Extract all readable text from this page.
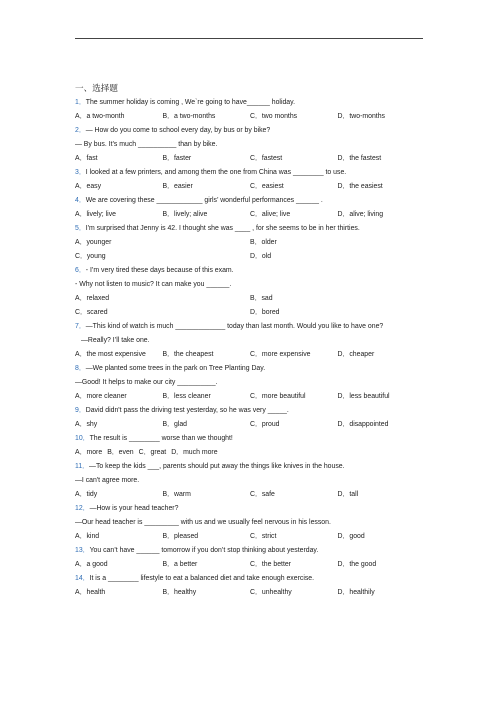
一、选择题
1．The summer holiday is coming , We`re going to have______ holiday.
A．a two-month	B．a two-months	C．two months	D．two-months
2．— How do you come to school every day, by bus or by bike?
— By bus. It’s much __________ than by bike.
A．fast	B．faster	C．fastest	D．the fastest
3．I looked at a few printers, and among them the one from China was ________ to use.
A．easy	B．easier	C．easiest	D．the easiest
4．We are covering these ____________ girls’ wonderful performances ______ .
A．lively; live	B．lively; alive	C．alive; live	D．alive; living
5．I'm surprised that Jenny is 42. I thought she was ____ , for she seems to be in her thirties.
A．younger	B．older
C．young	D．old
6．- I’m very tired these days because of this exam.
- Why not listen to music? It can make you ______.
A．relaxed	B．sad
C．scared	D．bored
7．—This kind of watch is much _____________ today than last month. Would you like to have one?
—Really? I’ll take one.
A．the most expensive	B．the cheapest	C．more expensive	D．cheaper
8．—We planted some trees in the park on Tree Planting Day.
—Good! It helps to make our city __________.
A．more cleaner	B．less cleaner	C．more beautiful	D．less beautiful
9．David didn't pass the driving test yesterday, so he was very _____.
A．shy	B．glad	C．proud	D．disappointed
10．The result is ________ worse than we thought!
A．more B．even C．great D．much more
11．—To keep the kids ___, parents should put away the things like knives in the house.
—I can't agree more.
A．tidy	B．warm	C．safe	D．tall
12．—How is your head teacher?
—Our head teacher is _________ with us and we usually feel nervous in his lesson.
A．kind	B．pleased	C．strict	D．good
13．You can’t have ______ tomorrow if you don’t stop thinking about yesterday.
A．a good	B．a better	C．the better	D．the good
14．It is a ________ lifestyle to eat a balanced diet and take enough exercise.
A．health	B．healthy	C．unhealthy	D．healthily
